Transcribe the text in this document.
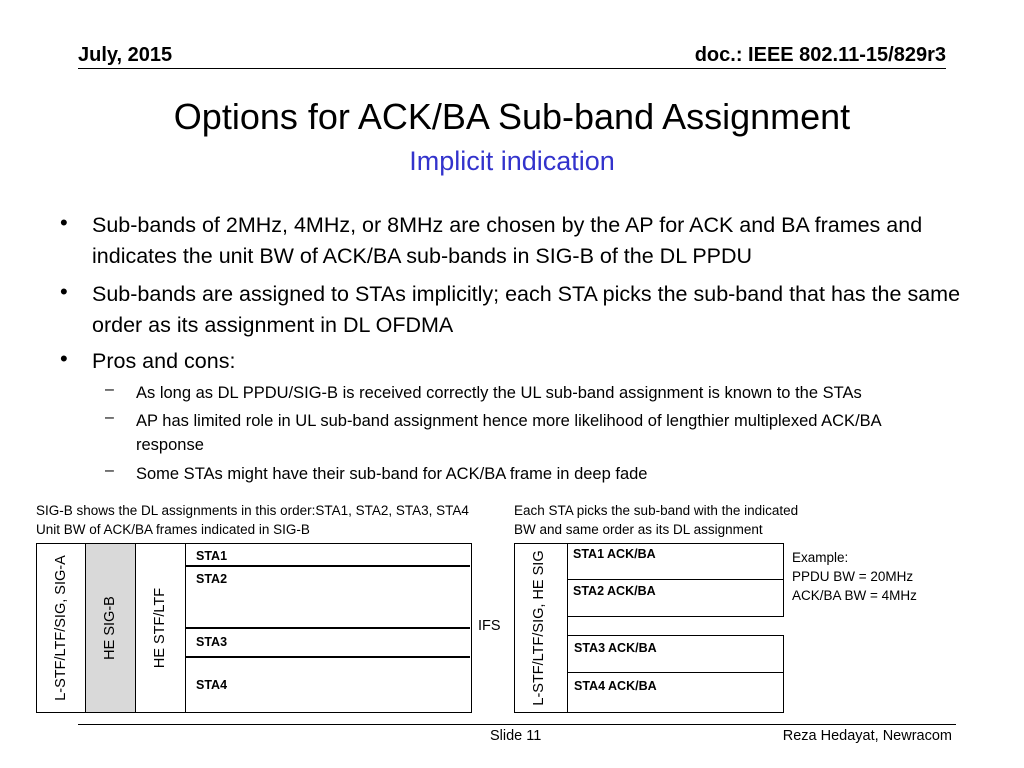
July, 2015	doc.: IEEE 802.11-15/829r3
Options for ACK/BA Sub-band Assignment
Implicit indication
• Sub-bands of 2MHz, 4MHz, or 8MHz are chosen by the AP for ACK and BA frames and indicates the unit BW of ACK/BA sub-bands in SIG-B of the DL PPDU
• Sub-bands are assigned to STAs implicitly; each STA picks the sub-band that has the same order as its assignment in DL OFDMA
• Pros and cons:
– As long as DL PPDU/SIG-B is received correctly the UL sub-band assignment is known to the STAs
– AP has limited role in UL sub-band assignment hence more likelihood of lengthier multiplexed ACK/BA response
– Some STAs might have their sub-band for ACK/BA frame in deep fade
SIG-B shows the DL assignments in this order:STA1, STA2, STA3, STA4
Unit BW of ACK/BA frames indicated in SIG-B
Each STA picks the sub-band with the indicated
BW and same order as its DL assignment
L-STF/LTF/SIG, SIG-A HE SIG-B HE STF/LTF
STA1
STA2
STA3
STA4
IFS L-STF/LTF/SIG, HE SIG STA1 ACK/BA
STA2 ACK/BA
STA3 ACK/BA
STA4 ACK/BA
Example:
PPDU BW = 20MHz
ACK/BA BW = 4MHz
Slide 11	Reza Hedayat, Newracom
